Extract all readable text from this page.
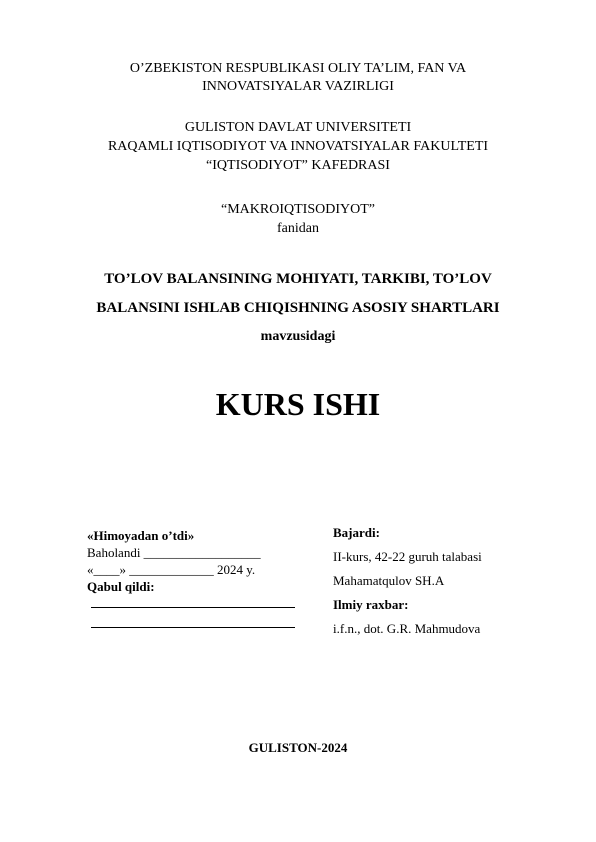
O’ZBEKISTON RESPUBLIKASI OLIY TA’LIM, FAN VA
INNOVATSIYALAR VAZIRLIGI
GULISTON DAVLAT UNIVERSITETI
RAQAMLI IQTISODIYOT VA INNOVATSIYALAR FAKULTETI
“IQTISODIYOT” KAFEDRASI
“MAKROIQTISODIYOT”
fanidan
TO’LOV BALANSINING MOHIYATI, TARKIBI, TO’LOV
BALANSINI ISHLAB CHIQISHNING ASOSIY SHARTLARI
mavzusidagi
KURS ISHI
«Himoyadan o’tdi»
Baholandi __________________
«____» _____________ 2024 y.
Qabul qildi:
Bajardi:
II-kurs, 42-22 guruh talabasi
Mahamatqulov SH.A
Ilmiy raxbar:
i.f.n., dot. G.R. Mahmudova
GULISTON-2024
